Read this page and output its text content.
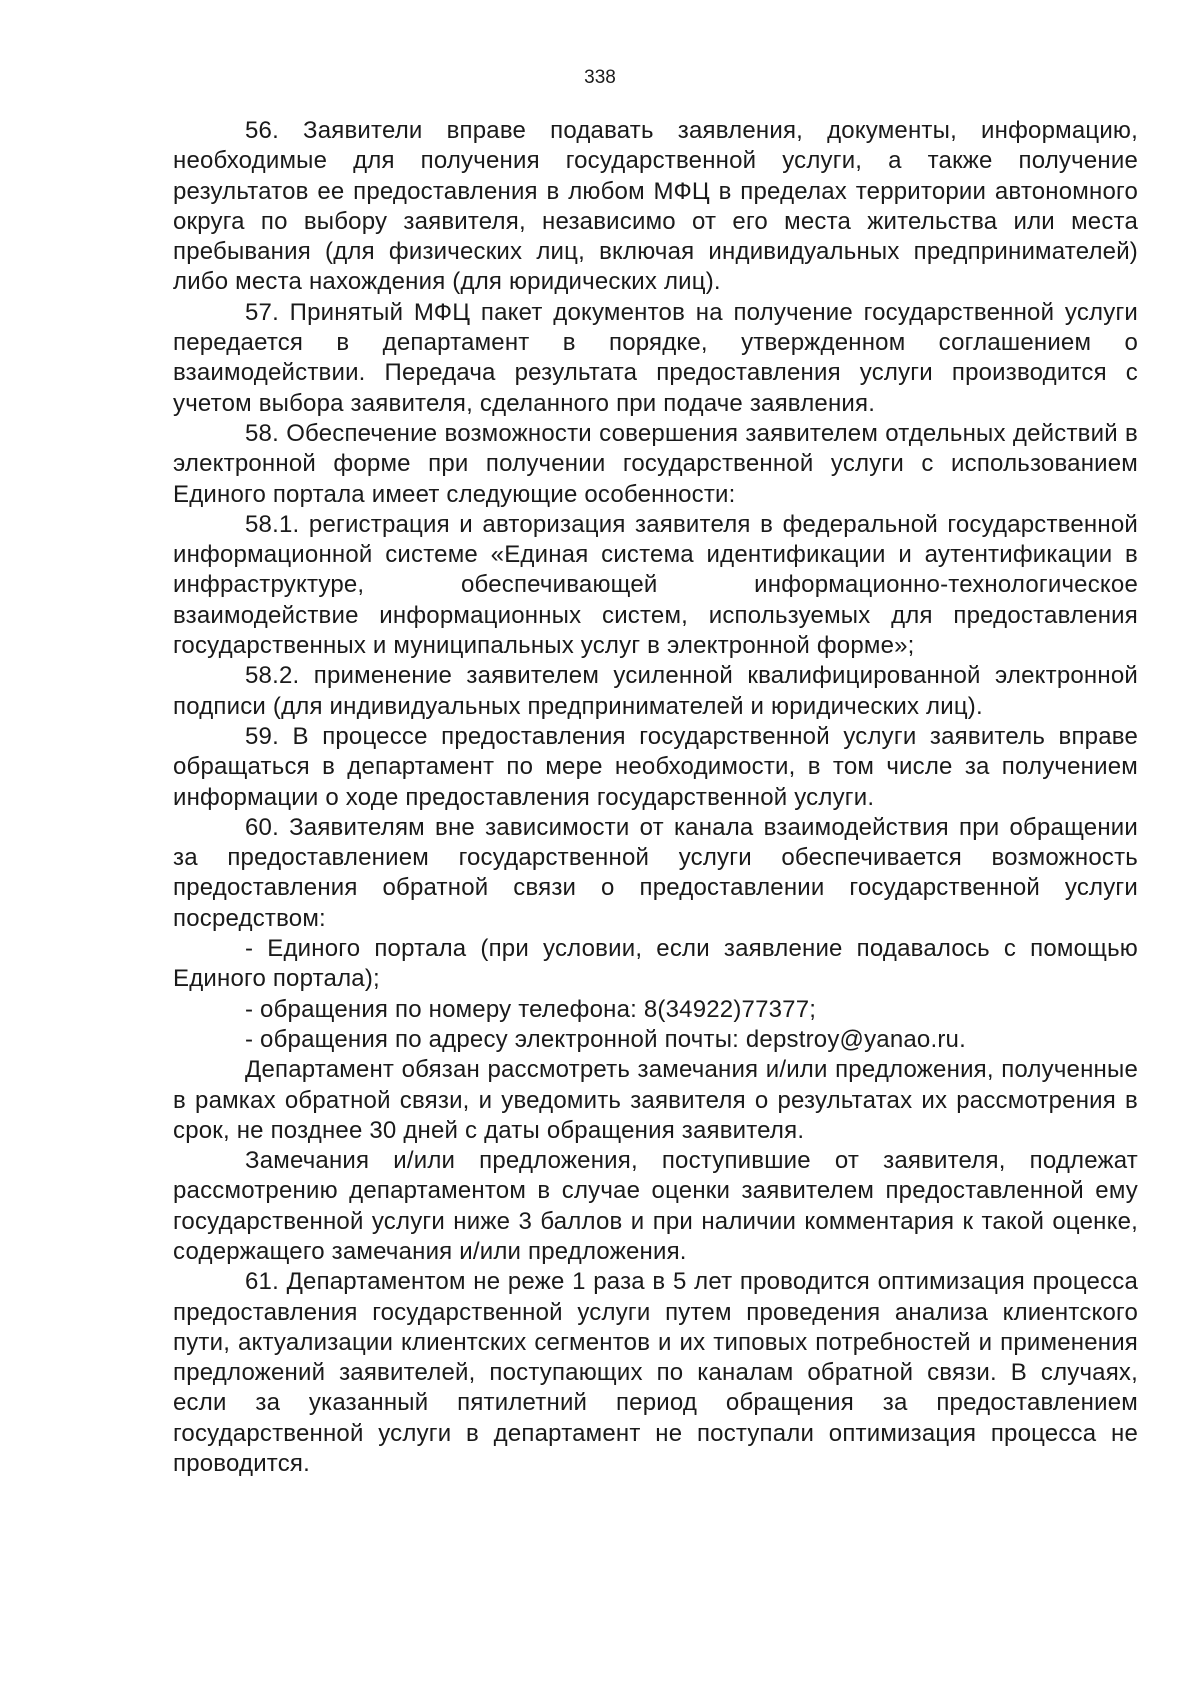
338

56. Заявители вправе подавать заявления, документы, информацию, необходимые для получения государственной услуги, а также получение результатов ее предоставления в любом МФЦ в пределах территории автономного округа по выбору заявителя, независимо от его места жительства или места пребывания (для физических лиц, включая индивидуальных предпринимателей) либо места нахождения (для юридических лиц).

57. Принятый МФЦ пакет документов на получение государственной услуги передается в департамент в порядке, утвержденном соглашением о взаимодействии. Передача результата предоставления услуги производится с учетом выбора заявителя, сделанного при подаче заявления.

58. Обеспечение возможности совершения заявителем отдельных действий в электронной форме при получении государственной услуги с использованием Единого портала имеет следующие особенности:

58.1. регистрация и авторизация заявителя в федеральной государственной информационной системе «Единая система идентификации и аутентификации в инфраструктуре, обеспечивающей информационно-технологическое взаимодействие информационных систем, используемых для предоставления государственных и муниципальных услуг в электронной форме»;

58.2. применение заявителем усиленной квалифицированной электронной подписи (для индивидуальных предпринимателей и юридических лиц).

59. В процессе предоставления государственной услуги заявитель вправе обращаться в департамент по мере необходимости, в том числе за получением информации о ходе предоставления государственной услуги.

60. Заявителям вне зависимости от канала взаимодействия при обращении за предоставлением государственной услуги обеспечивается возможность предоставления обратной связи о предоставлении государственной услуги посредством:

- Единого портала (при условии, если заявление подавалось с помощью Единого портала);

- обращения по номеру телефона: 8(34922)77377;

- обращения по адресу электронной почты: depstroy@yanao.ru.

Департамент обязан рассмотреть замечания и/или предложения, полученные в рамках обратной связи, и уведомить заявителя о результатах их рассмотрения в срок, не позднее 30 дней с даты обращения заявителя.

Замечания и/или предложения, поступившие от заявителя, подлежат рассмотрению департаментом в случае оценки заявителем предоставленной ему государственной услуги ниже 3 баллов и при наличии комментария к такой оценке, содержащего замечания и/или предложения.

61. Департаментом не реже 1 раза в 5 лет проводится оптимизация процесса предоставления государственной услуги путем проведения анализа клиентского пути, актуализации клиентских сегментов и их типовых потребностей и применения предложений заявителей, поступающих по каналам обратной связи. В случаях, если за указанный пятилетний период обращения за предоставлением государственной услуги в департамент не поступали оптимизация процесса не проводится.
